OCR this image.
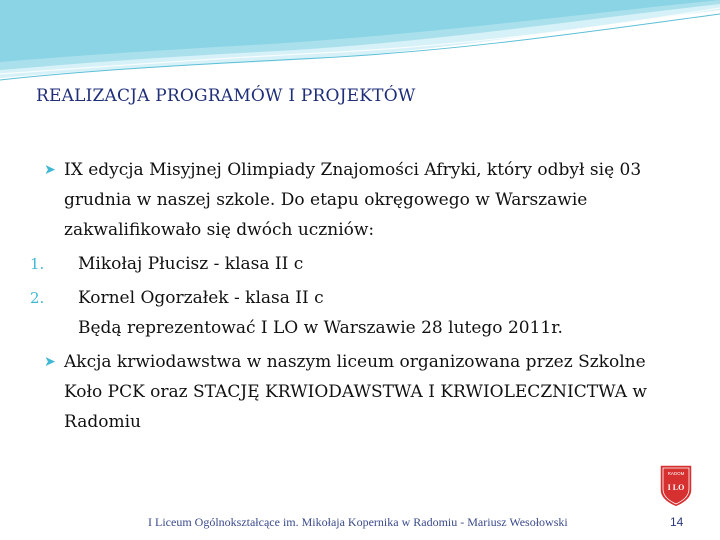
REALIZACJA PROGRAMÓW I PROJEKTÓW
➤ IX edycja Misyjnej Olimpiady Znajomości Afryki, który odbył się 03 grudnia w naszej szkole. Do etapu okręgowego w Warszawie zakwalifikowało się dwóch uczniów:
1. Mikołaj Płucisz - klasa II c
2. Kornel Ogorzałek - klasa II c
Będą reprezentować I LO w Warszawie 28 lutego 2011r.
➤ Akcja krwiodawstwa w naszym liceum organizowana przez Szkolne Koło PCK oraz STACJĘ KRWIODAWSTWA I KRWIOLECZNICTWA w Radomiu
RADOM
I LO
I Liceum Ogólnokształcące im. Mikołaja Kopernika w Radomiu - Mariusz Wesołowski	14
